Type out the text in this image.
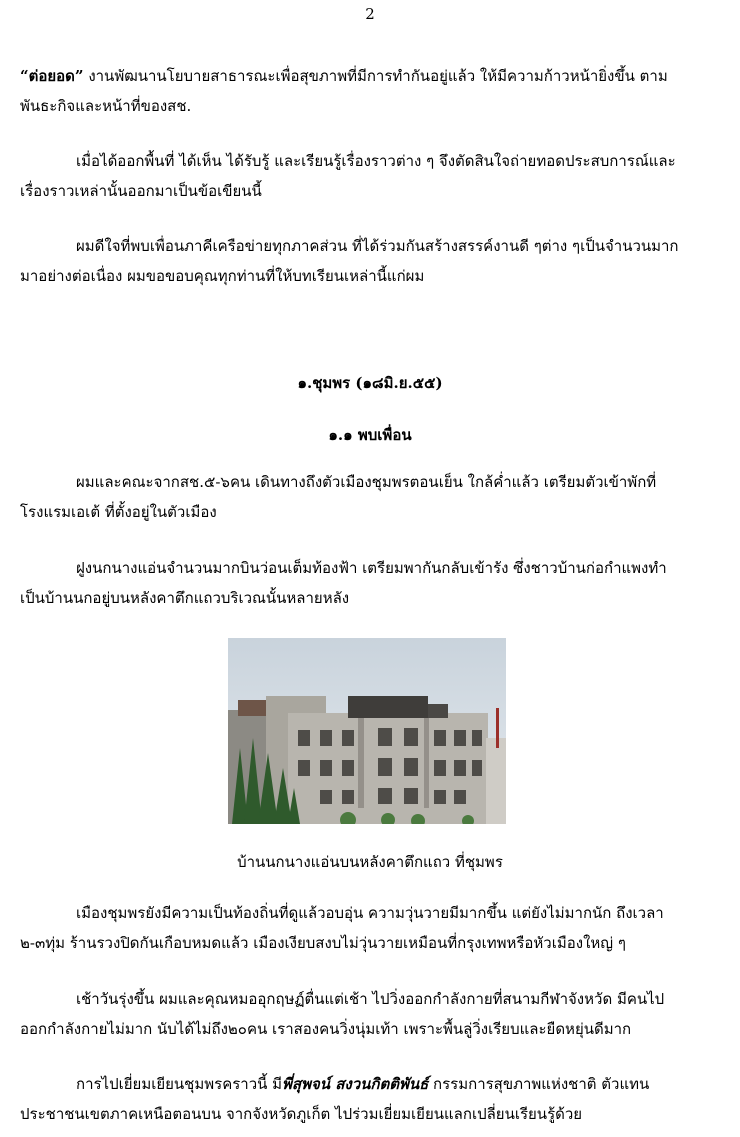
2
“ต่อยอด” งานพัฒนานโยบายสาธารณะเพื่อสุขภาพที่มีการทำกันอยู่แล้ว ให้มีความก้าวหน้ายิ่งขึ้น ตาม
พันธะกิจและหน้าที่ของสช.
เมื่อได้ออกพื้นที่ ได้เห็น ได้รับรู้ และเรียนรู้เรื่องราวต่าง ๆ จึงตัดสินใจถ่ายทอดประสบการณ์และ
เรื่องราวเหล่านั้นออกมาเป็นข้อเขียนนี้
ผมดีใจที่พบเพื่อนภาคีเครือข่ายทุกภาคส่วน ที่ได้ร่วมกันสร้างสรรค์งานดี ๆต่าง ๆเป็นจำนวนมาก
มาอย่างต่อเนื่อง ผมขอขอบคุณทุกท่านที่ให้บทเรียนเหล่านี้แก่ผม
๑.ชุมพร (๑๘มิ.ย.๕๕)
๑.๑ พบเพื่อน
ผมและคณะจากสช.๕-๖คน เดินทางถึงตัวเมืองชุมพรตอนเย็น ใกล้ค่ำแล้ว เตรียมตัวเข้าพักที่
โรงแรมเอเต้ ที่ตั้งอยู่ในตัวเมือง
ฝูงนกนางแอ่นจำนวนมากบินว่อนเต็มท้องฟ้า เตรียมพากันกลับเข้ารัง ซึ่งชาวบ้านก่อกำแพงทำ
เป็นบ้านนกอยู่บนหลังคาตึกแถวบริเวณนั้นหลายหลัง
บ้านนกนางแอ่นบนหลังคาตึกแถว ที่ชุมพร
เมืองชุมพรยังมีความเป็นท้องถิ่นที่ดูแล้วอบอุ่น ความวุ่นวายมีมากขึ้น แต่ยังไม่มากนัก ถึงเวลา
๒-๓ทุ่ม ร้านรวงปิดกันเกือบหมดแล้ว เมืองเงียบสงบไม่วุ่นวายเหมือนที่กรุงเทพหรือหัวเมืองใหญ่ ๆ
เช้าวันรุ่งขึ้น ผมและคุณหมออุกฤษฏ์ตื่นแต่เช้า ไปวิ่งออกกำลังกายที่สนามกีฬาจังหวัด มีคนไป
ออกกำลังกายไม่มาก นับได้ไม่ถึง๒๐คน เราสองคนวิ่งนุ่มเท้า เพราะพื้นลู่วิ่งเรียบและยืดหยุ่นดีมาก
การไปเยี่ยมเยียนชุมพรคราวนี้ มีพี่สุพจน์ สงวนกิตติพันธ์ กรรมการสุขภาพแห่งชาติ ตัวแทน
ประชาชนเขตภาคเหนือตอนบน จากจังหวัดภูเก็ต ไปร่วมเยี่ยมเยียนแลกเปลี่ยนเรียนรู้ด้วย
